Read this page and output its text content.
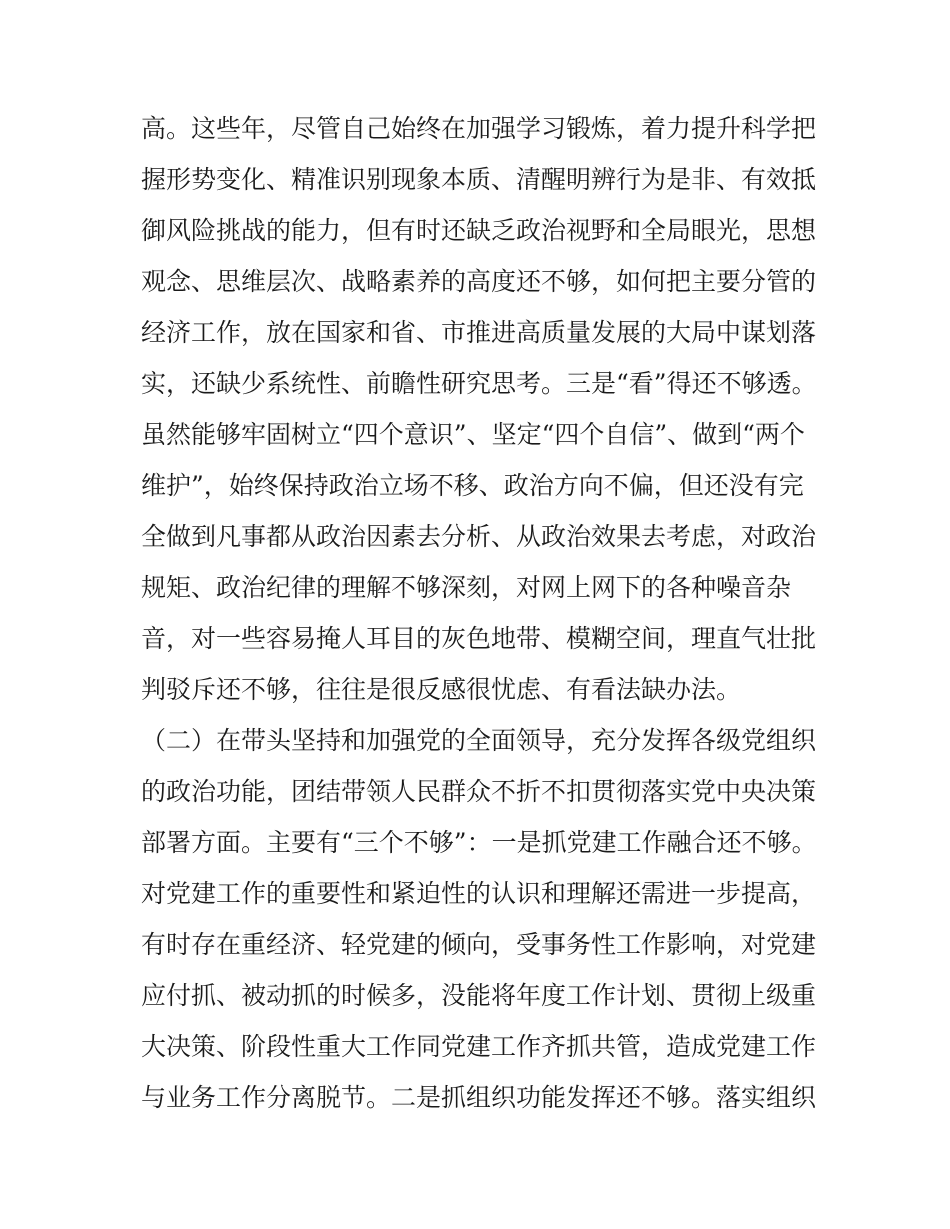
高。这些年，尽管自己始终在加强学习锻炼，着力提升科学把
握形势变化、精准识别现象本质、清醒明辨行为是非、有效抵
御风险挑战的能力，但有时还缺乏政治视野和全局眼光，思想
观念、思维层次、战略素养的高度还不够，如何把主要分管的
经济工作，放在国家和省、市推进高质量发展的大局中谋划落
实，还缺少系统性、前瞻性研究思考。三是“看”得还不够透。
虽然能够牢固树立“四个意识”、坚定“四个自信”、做到“两个
维护”，始终保持政治立场不移、政治方向不偏，但还没有完
全做到凡事都从政治因素去分析、从政治效果去考虑，对政治
规矩、政治纪律的理解不够深刻，对网上网下的各种噪音杂
音，对一些容易掩人耳目的灰色地带、模糊空间，理直气壮批
判驳斥还不够，往往是很反感很忧虑、有看法缺办法。
（二）在带头坚持和加强党的全面领导，充分发挥各级党组织
的政治功能，团结带领人民群众不折不扣贯彻落实党中央决策
部署方面。主要有“三个不够”：一是抓党建工作融合还不够。
对党建工作的重要性和紧迫性的认识和理解还需进一步提高，
有时存在重经济、轻党建的倾向，受事务性工作影响，对党建
应付抓、被动抓的时候多，没能将年度工作计划、贯彻上级重
大决策、阶段性重大工作同党建工作齐抓共管，造成党建工作
与业务工作分离脱节。二是抓组织功能发挥还不够。落实组织
